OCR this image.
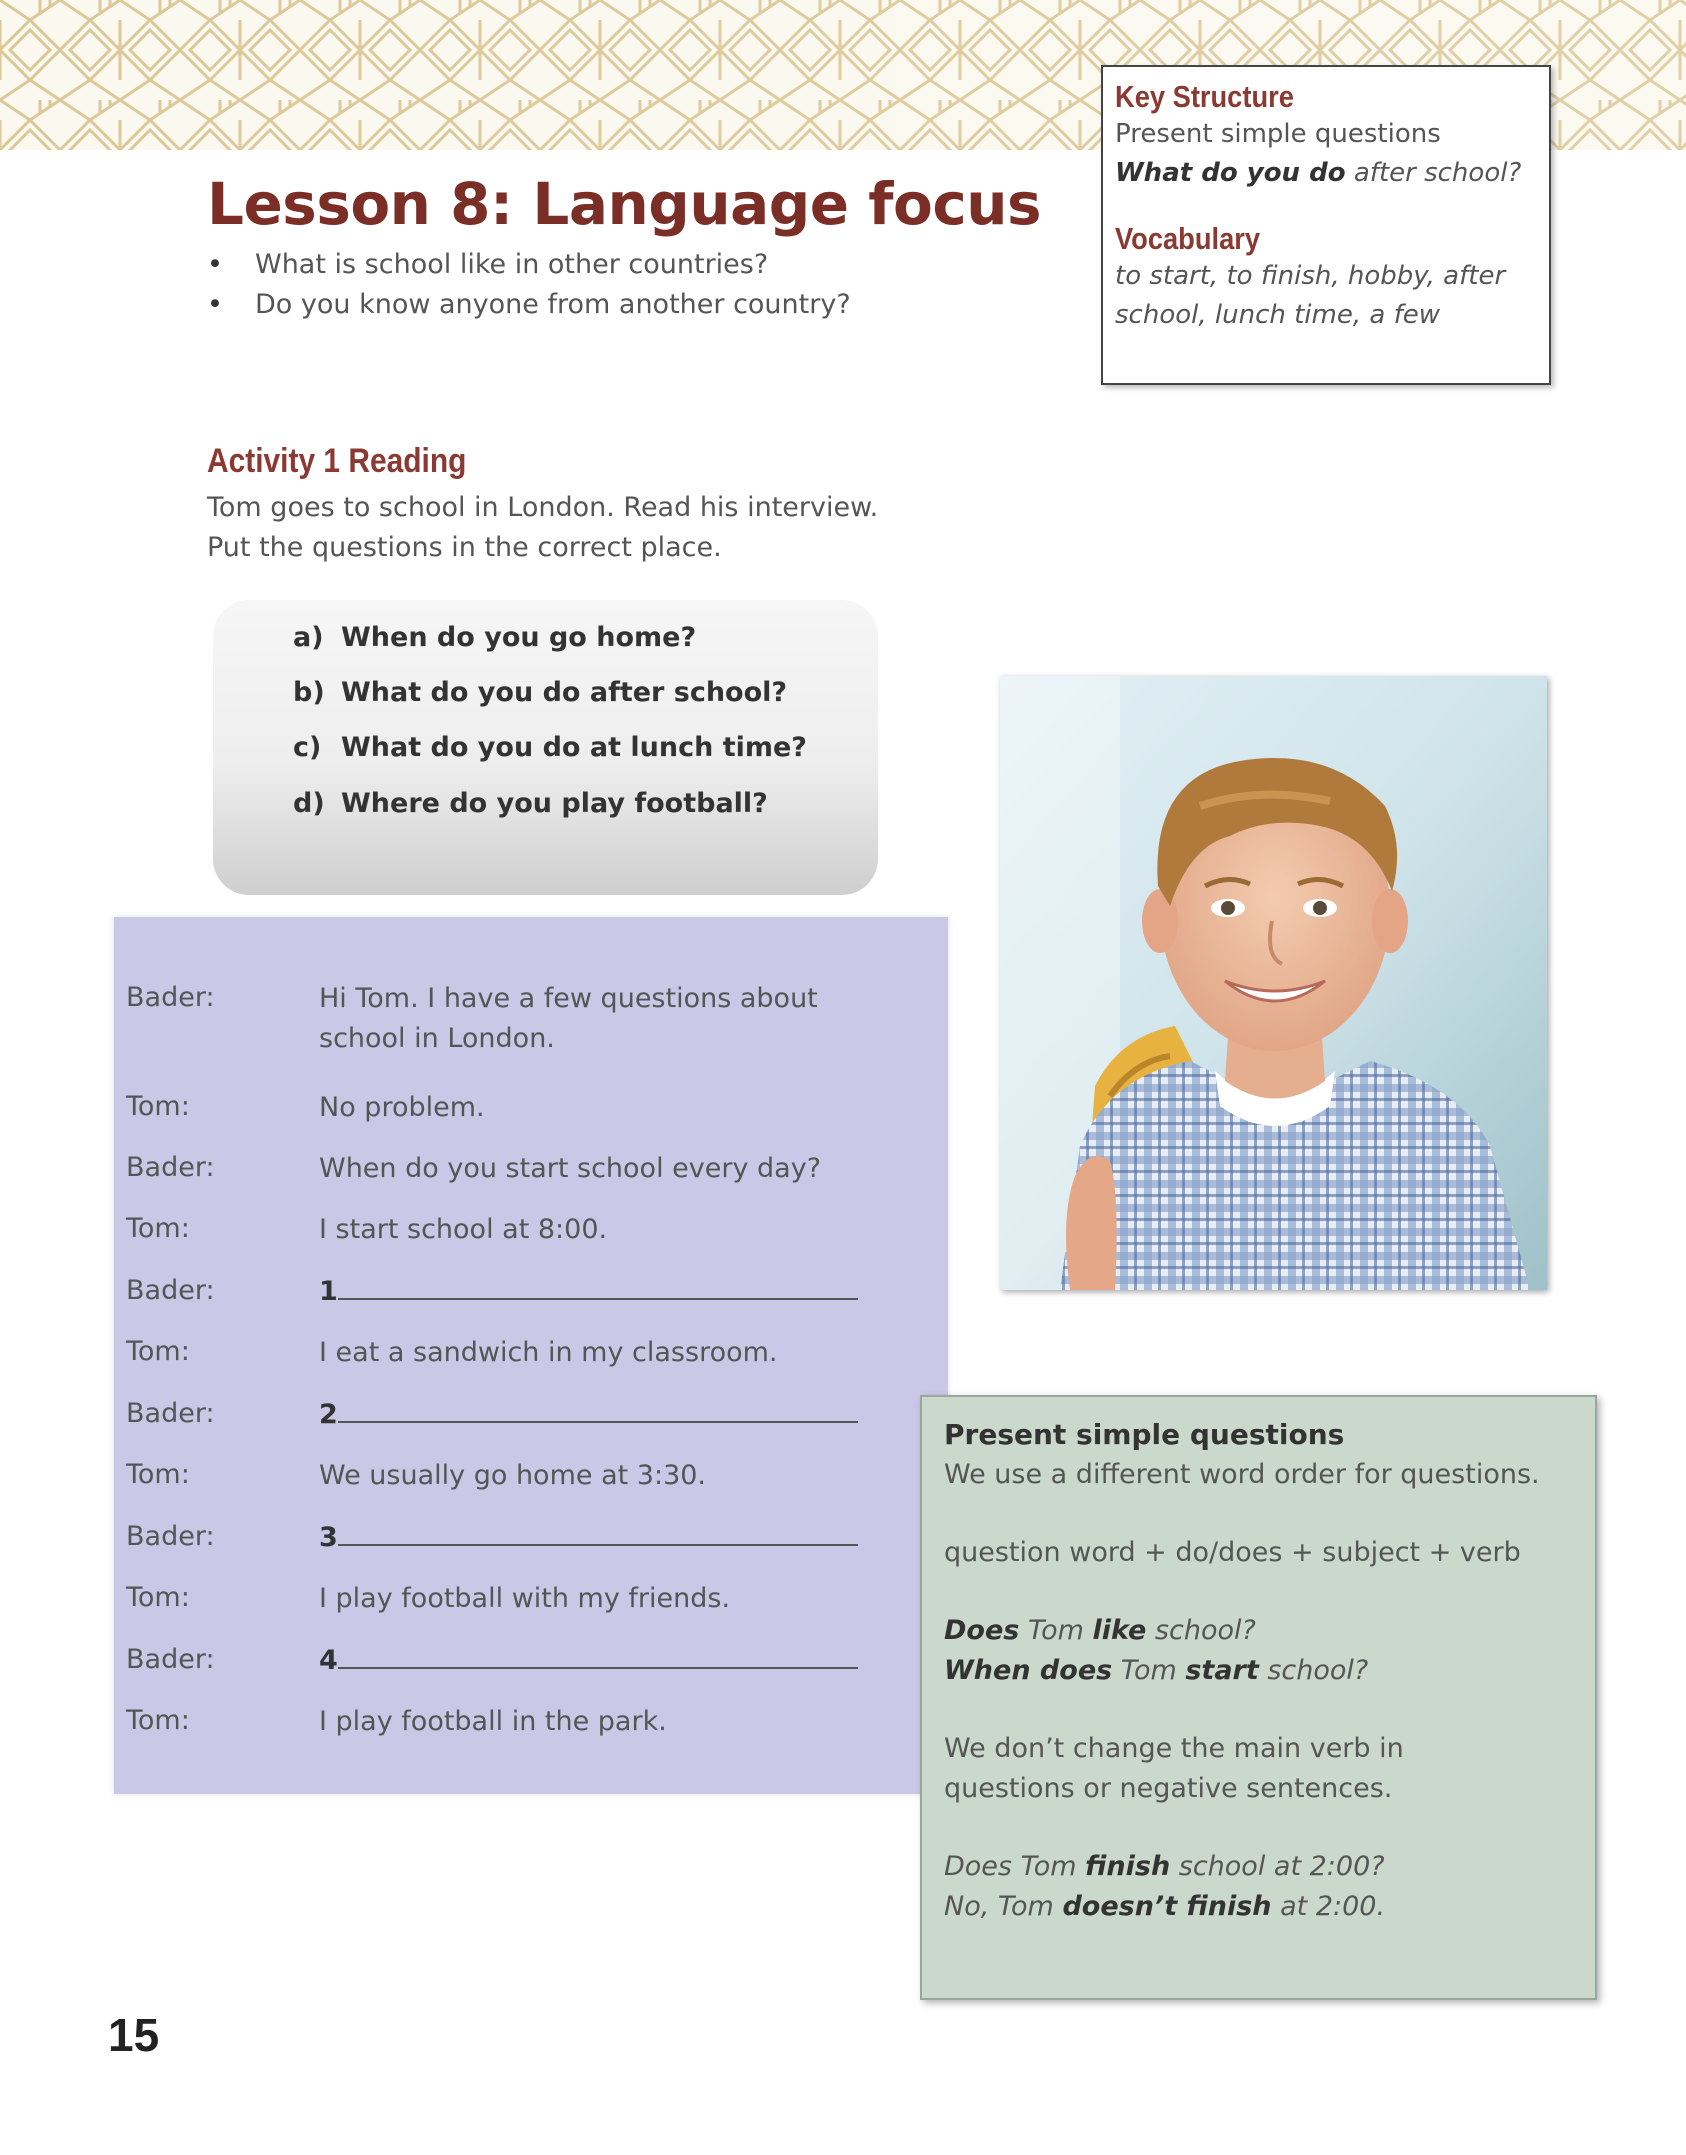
Lesson 8: Language focus
• What is school like in other countries?
• Do you know anyone from another country?
Key Structure
Present simple questions
What do you do after school?
Vocabulary
to start, to finish, hobby, after
school, lunch time, a few
Activity 1 Reading
Tom goes to school in London. Read his interview.
Put the questions in the correct place.
a) When do you go home?
b) What do you do after school?
c) What do you do at lunch time?
d) Where do you play football?
Bader:	Hi Tom. I have a few questions about
school in London.
Tom:	No problem.
Bader:	When do you start school every day?
Tom:	I start school at 8:00.
Bader:	1
Tom:	I eat a sandwich in my classroom.
Bader:	2
Tom:	We usually go home at 3:30.
Bader:	3
Tom:	I play football with my friends.
Bader:	4
Tom:	I play football in the park.
Present simple questions
We use a different word order for questions.
question word + do/does + subject + verb
Does Tom like school?
When does Tom start school?
We don’t change the main verb in
questions or negative sentences.
Does Tom finish school at 2:00?
No, Tom doesn’t finish at 2:00.
15
